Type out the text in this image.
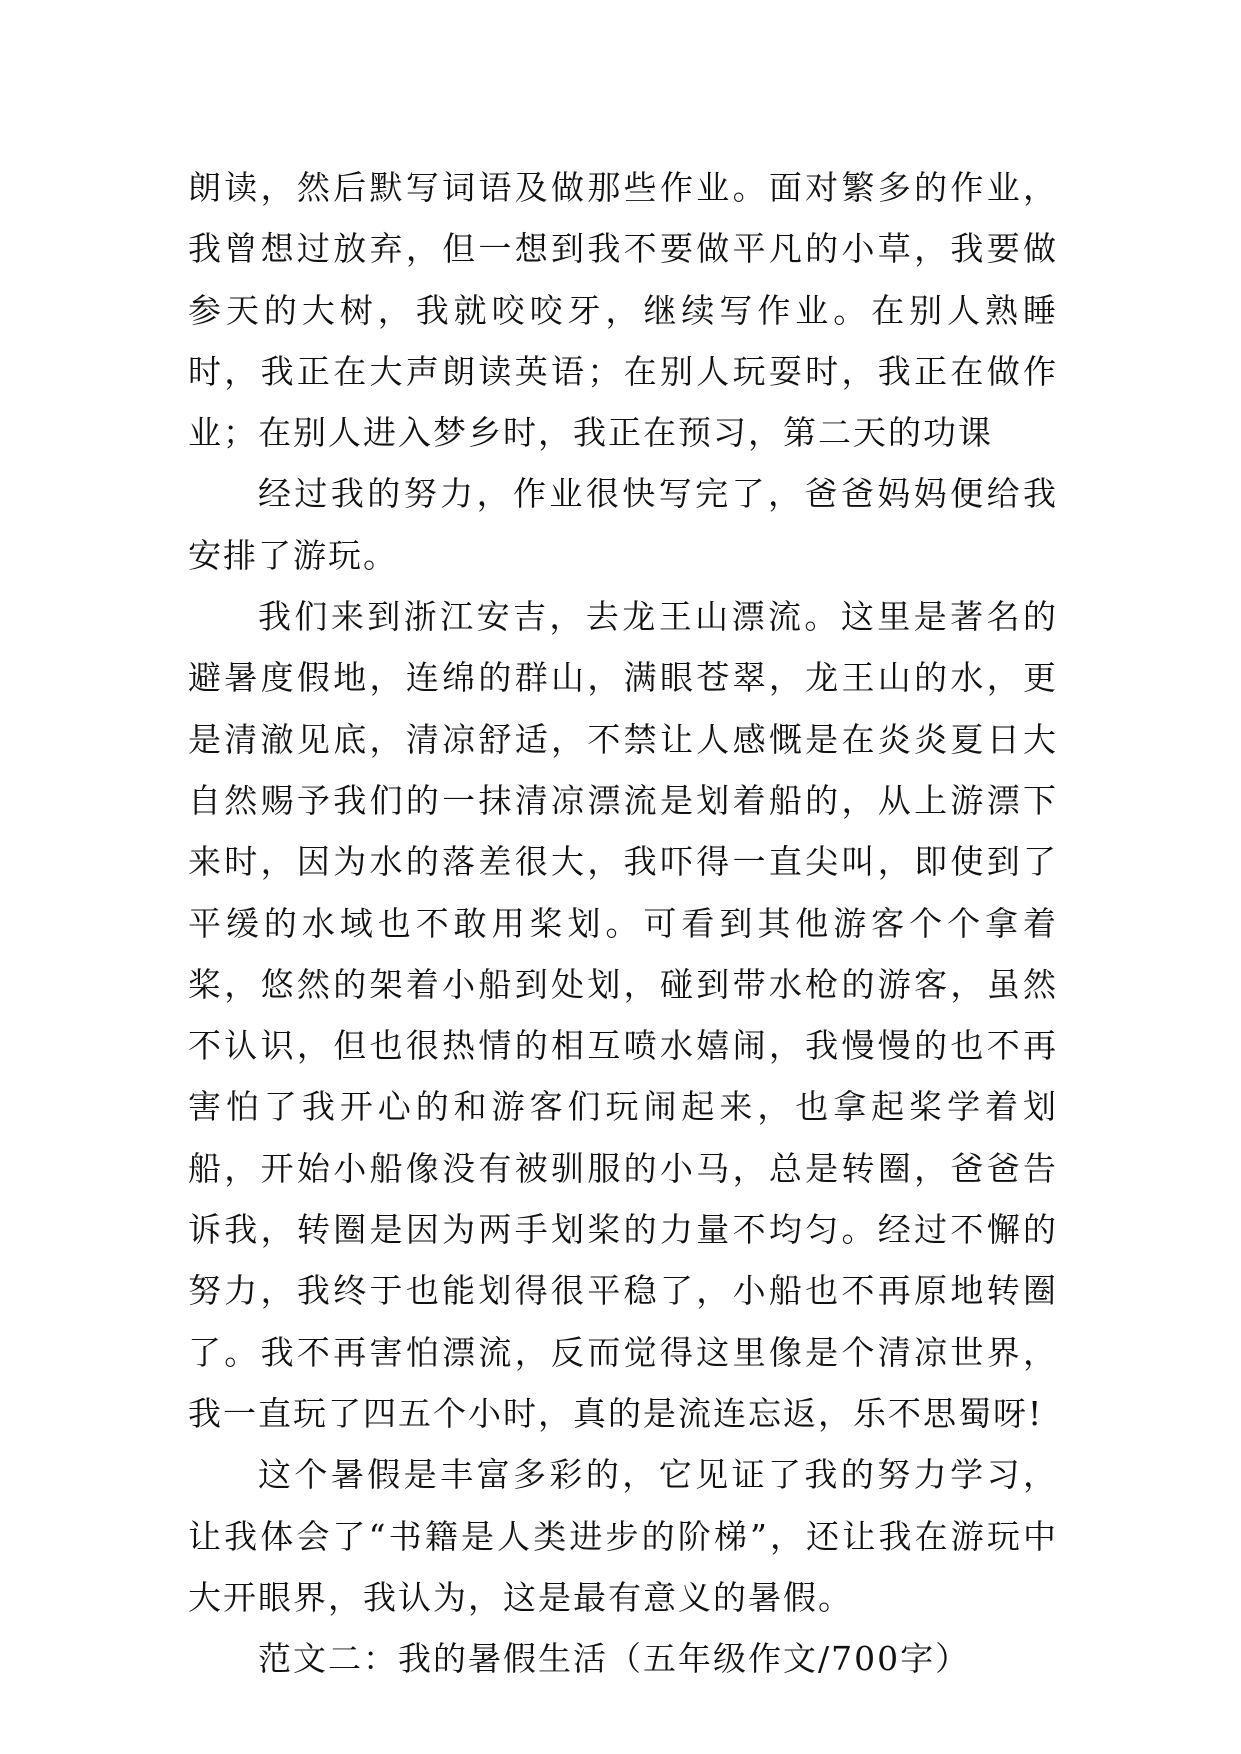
朗读，然后默写词语及做那些作业。面对繁多的作业，我曾想过放弃，但一想到我不要做平凡的小草，我要做参天的大树，我就咬咬牙，继续写作业。在别人熟睡时，我正在大声朗读英语；在别人玩耍时，我正在做作业；在别人进入梦乡时，我正在预习，第二天的功课

经过我的努力，作业很快写完了，爸爸妈妈便给我安排了游玩。

我们来到浙江安吉，去龙王山漂流。这里是著名的避暑度假地，连绵的群山，满眼苍翠，龙王山的水，更是清澈见底，清凉舒适，不禁让人感慨是在炎炎夏日大自然赐予我们的一抹清凉漂流是划着船的，从上游漂下来时，因为水的落差很大，我吓得一直尖叫，即使到了平缓的水域也不敢用桨划。可看到其他游客个个拿着桨，悠然的架着小船到处划，碰到带水枪的游客，虽然不认识，但也很热情的相互喷水嬉闹，我慢慢的也不再害怕了我开心的和游客们玩闹起来，也拿起桨学着划船，开始小船像没有被驯服的小马，总是转圈，爸爸告诉我，转圈是因为两手划桨的力量不均匀。经过不懈的努力，我终于也能划得很平稳了，小船也不再原地转圈了。我不再害怕漂流，反而觉得这里像是个清凉世界，我一直玩了四五个小时，真的是流连忘返，乐不思蜀呀!

这个暑假是丰富多彩的，它见证了我的努力学习，让我体会了“书籍是人类进步的阶梯”，还让我在游玩中大开眼界，我认为，这是最有意义的暑假。

范文二：我的暑假生活（五年级作文/700字）
